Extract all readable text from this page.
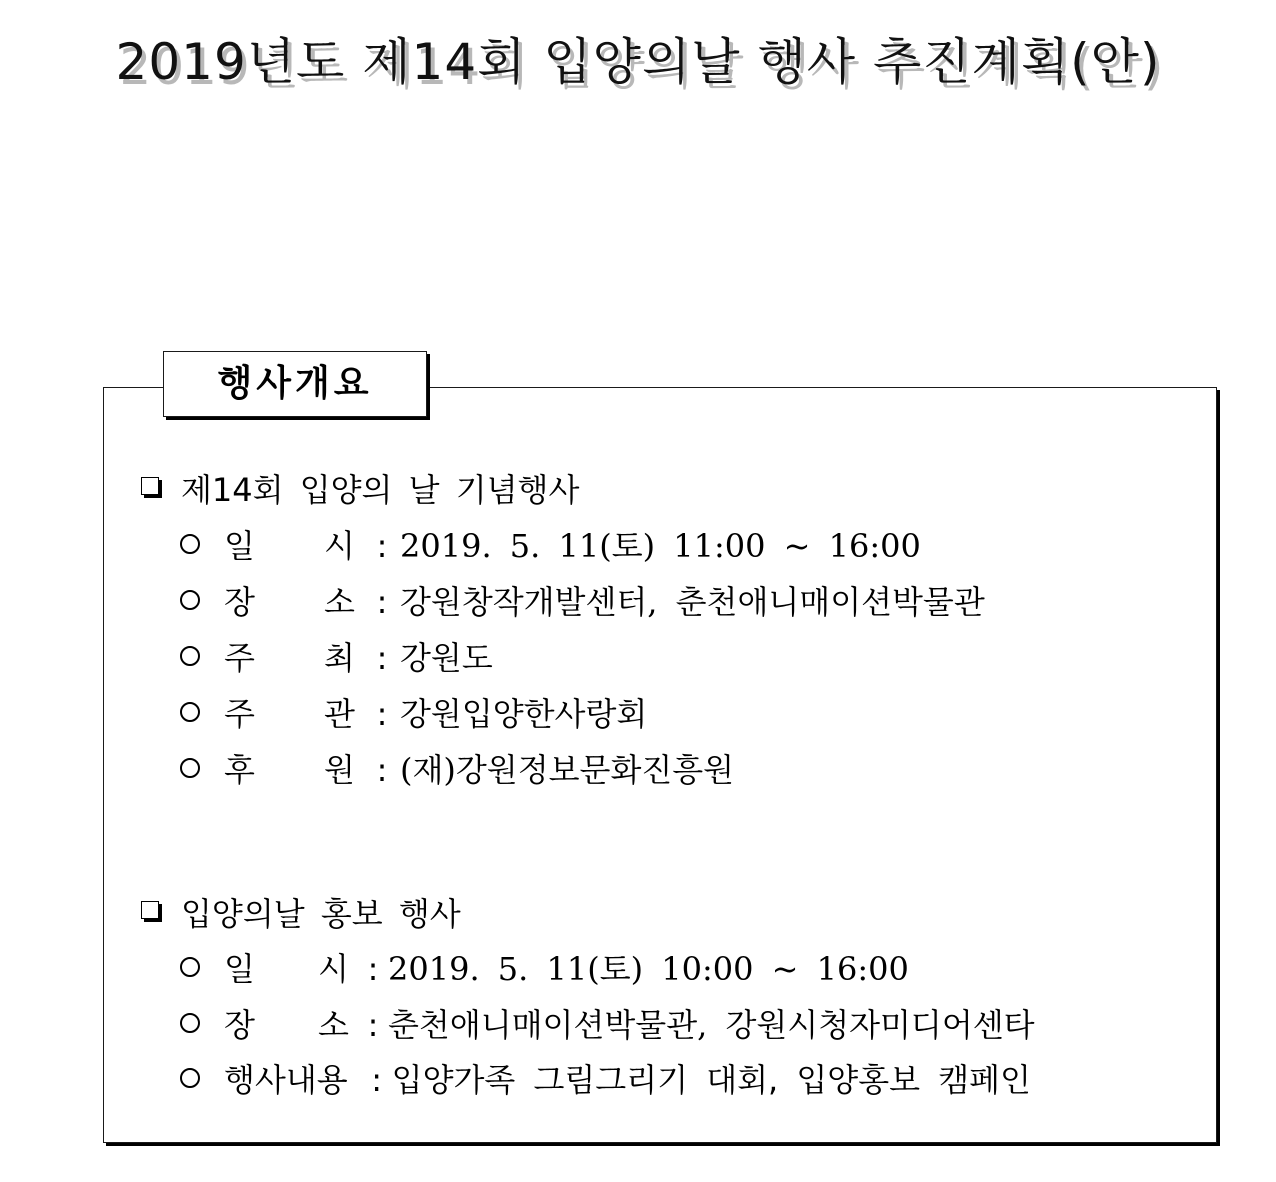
2019년도 제14회 입양의날 행사 추진계획(안)
행사개요
제14회 입양의 날 기념행사
일 시 : 2019. 5. 11(토) 11:00 ~ 16:00
장 소 : 강원창작개발센터, 춘천애니매이션박물관
주 최 : 강원도
주 관 : 강원입양한사랑회
후 원 : (재)강원정보문화진흥원
입양의날 홍보 행사
일 시 : 2019. 5. 11(토) 10:00 ~ 16:00
장 소 : 춘천애니매이션박물관, 강원시청자미디어센타
행사내용 : 입양가족 그림그리기 대회, 입양홍보 캠페인
